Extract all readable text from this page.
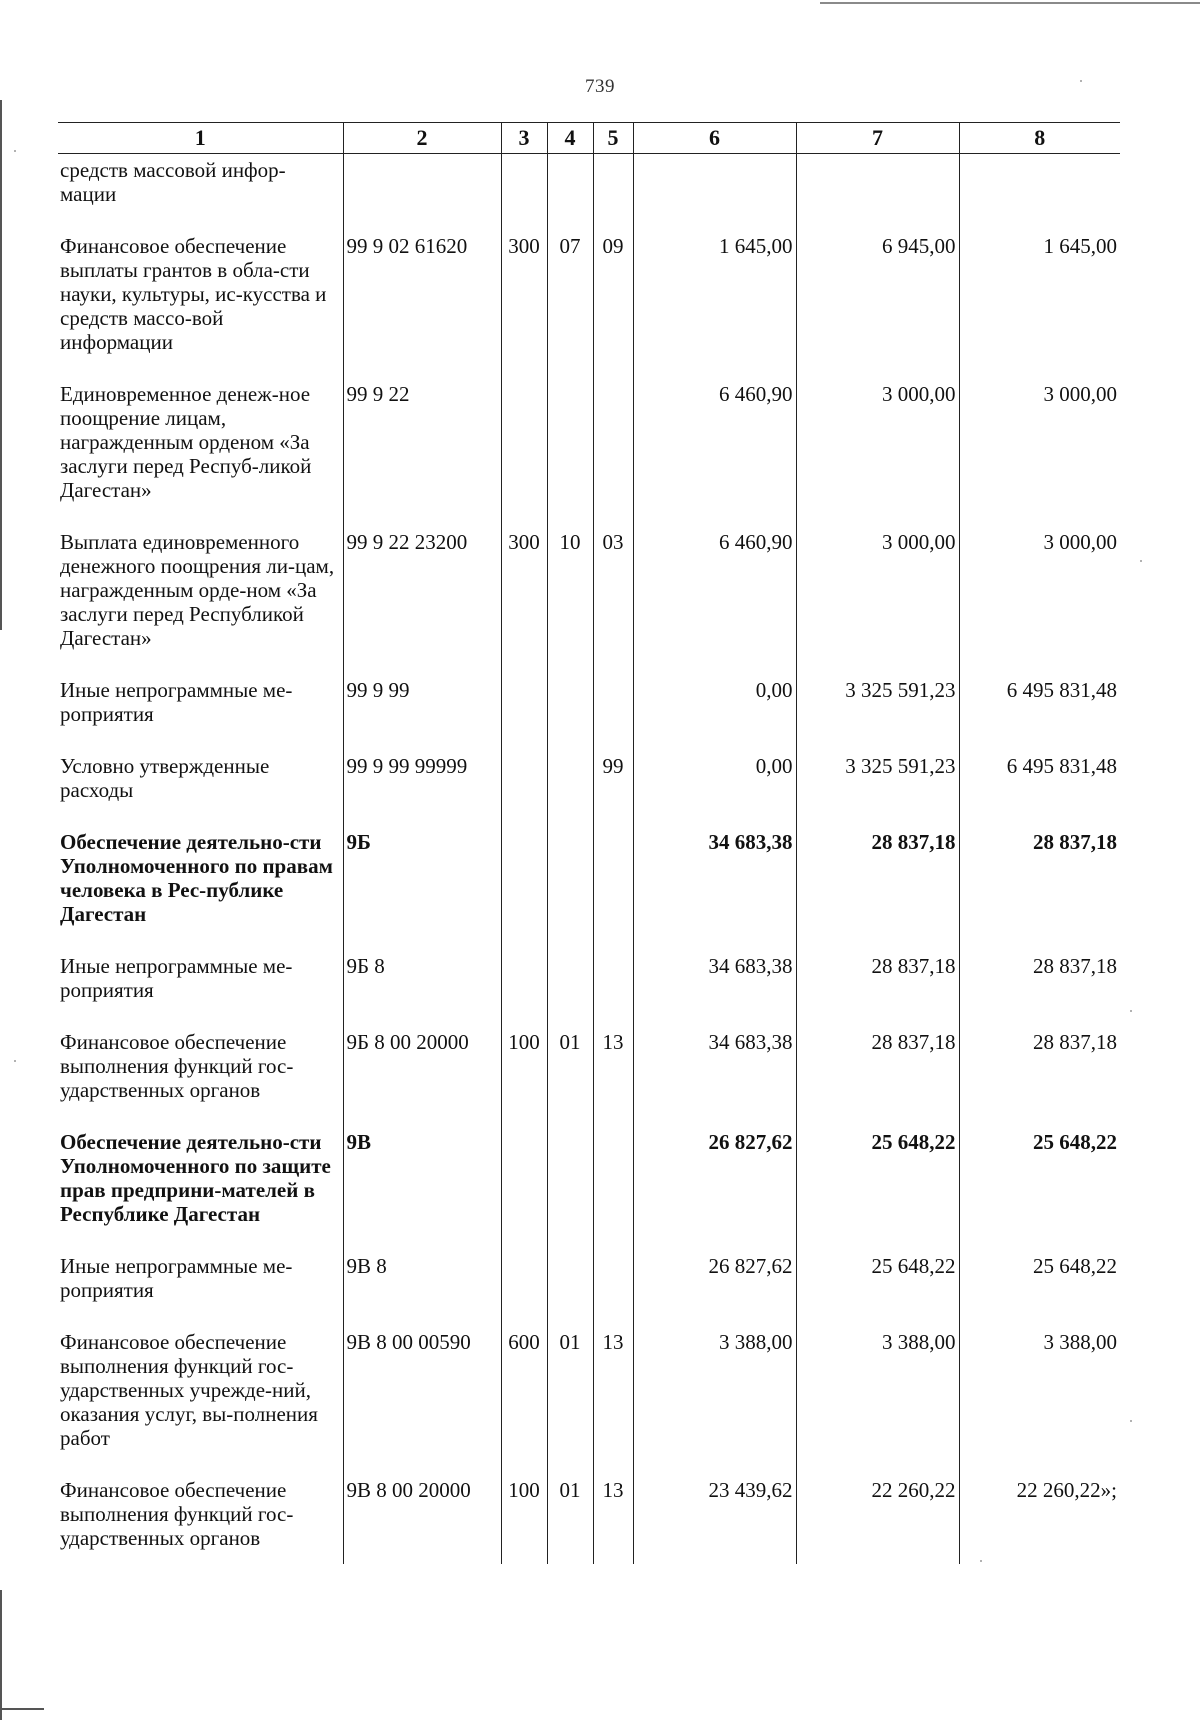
739
1	2	3	4	5	6	7	8

средств массовой инфор- мации							

Финансовое обеспечение выплаты грантов в обла-сти науки, культуры, ис-кусства и средств массо-вой информации	99 9 02 61620	300	07	09	1 645,00	6 945,00	1 645,00

Единовременное денеж-ное поощрение лицам, награжденным орденом «За заслуги перед Респуб-ликой Дагестан»	99 9 22				6 460,90	3 000,00	3 000,00

Выплата единовременного денежного поощрения ли-цам, награжденным орде-ном «За заслуги перед Республикой Дагестан»	99 9 22 23200	300	10	03	6 460,90	3 000,00	3 000,00

Иные непрограммные ме-роприятия	99 9 99				0,00	3 325 591,23	6 495 831,48

Условно утвержденные расходы	99 9 99 99999			99	0,00	3 325 591,23	6 495 831,48

Обеспечение деятельно-сти Уполномоченного по правам человека в Рес-публике Дагестан	9Б				34 683,38	28 837,18	28 837,18

Иные непрограммные ме-роприятия	9Б 8				34 683,38	28 837,18	28 837,18

Финансовое обеспечение выполнения функций гос-ударственных органов	9Б 8 00 20000	100	01	13	34 683,38	28 837,18	28 837,18

Обеспечение деятельно-сти Уполномоченного по защите прав предприни-мателей в Республике Дагестан	9В				26 827,62	25 648,22	25 648,22

Иные непрограммные ме-роприятия	9В 8				26 827,62	25 648,22	25 648,22

Финансовое обеспечение выполнения функций гос-ударственных учрежде-ний, оказания услуг, вы-полнения работ	9В 8 00 00590	600	01	13	3 388,00	3 388,00	3 388,00

Финансовое обеспечение выполнения функций гос-ударственных органов	9В 8 00 20000	100	01	13	23 439,62	22 260,22	22 260,22»;
